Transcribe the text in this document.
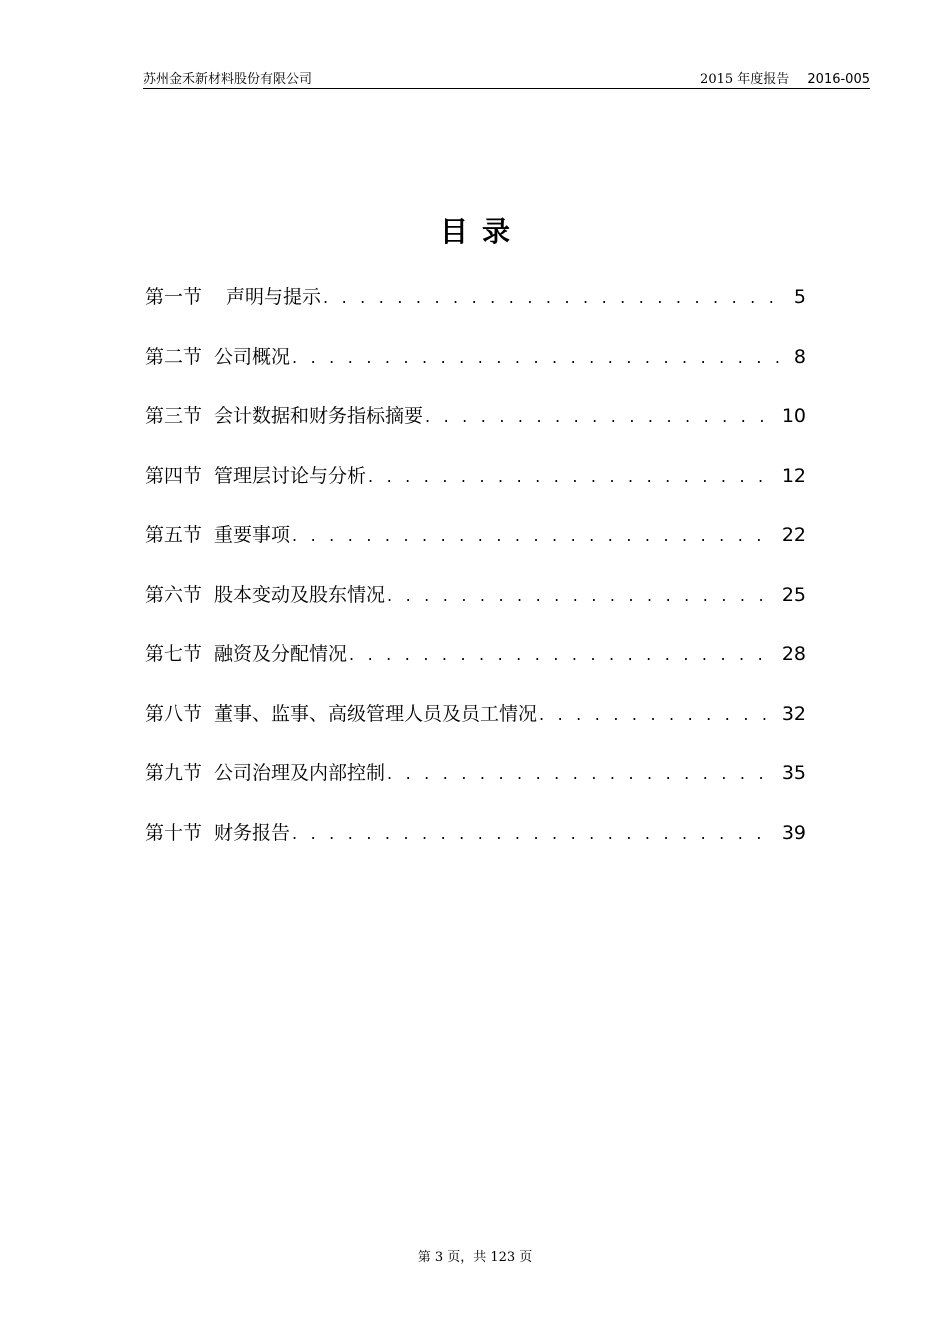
苏州金禾新材料股份有限公司	2015 年度报告 2016-005
目录
第一节 声明与提示 . . .	5
第二节 公司概况 . . .	8
第三节 会计数据和财务指标摘要 . . .	10
第四节 管理层讨论与分析 . . .	12
第五节 重要事项 . . .	22
第六节 股本变动及股东情况 . . .	25
第七节 融资及分配情况 . . .	28
第八节 董事、监事、高级管理人员及员工情况 . . .	32
第九节 公司治理及内部控制 . . .	35
第十节 财务报告 . . .	39
第 3 页，共 123 页
